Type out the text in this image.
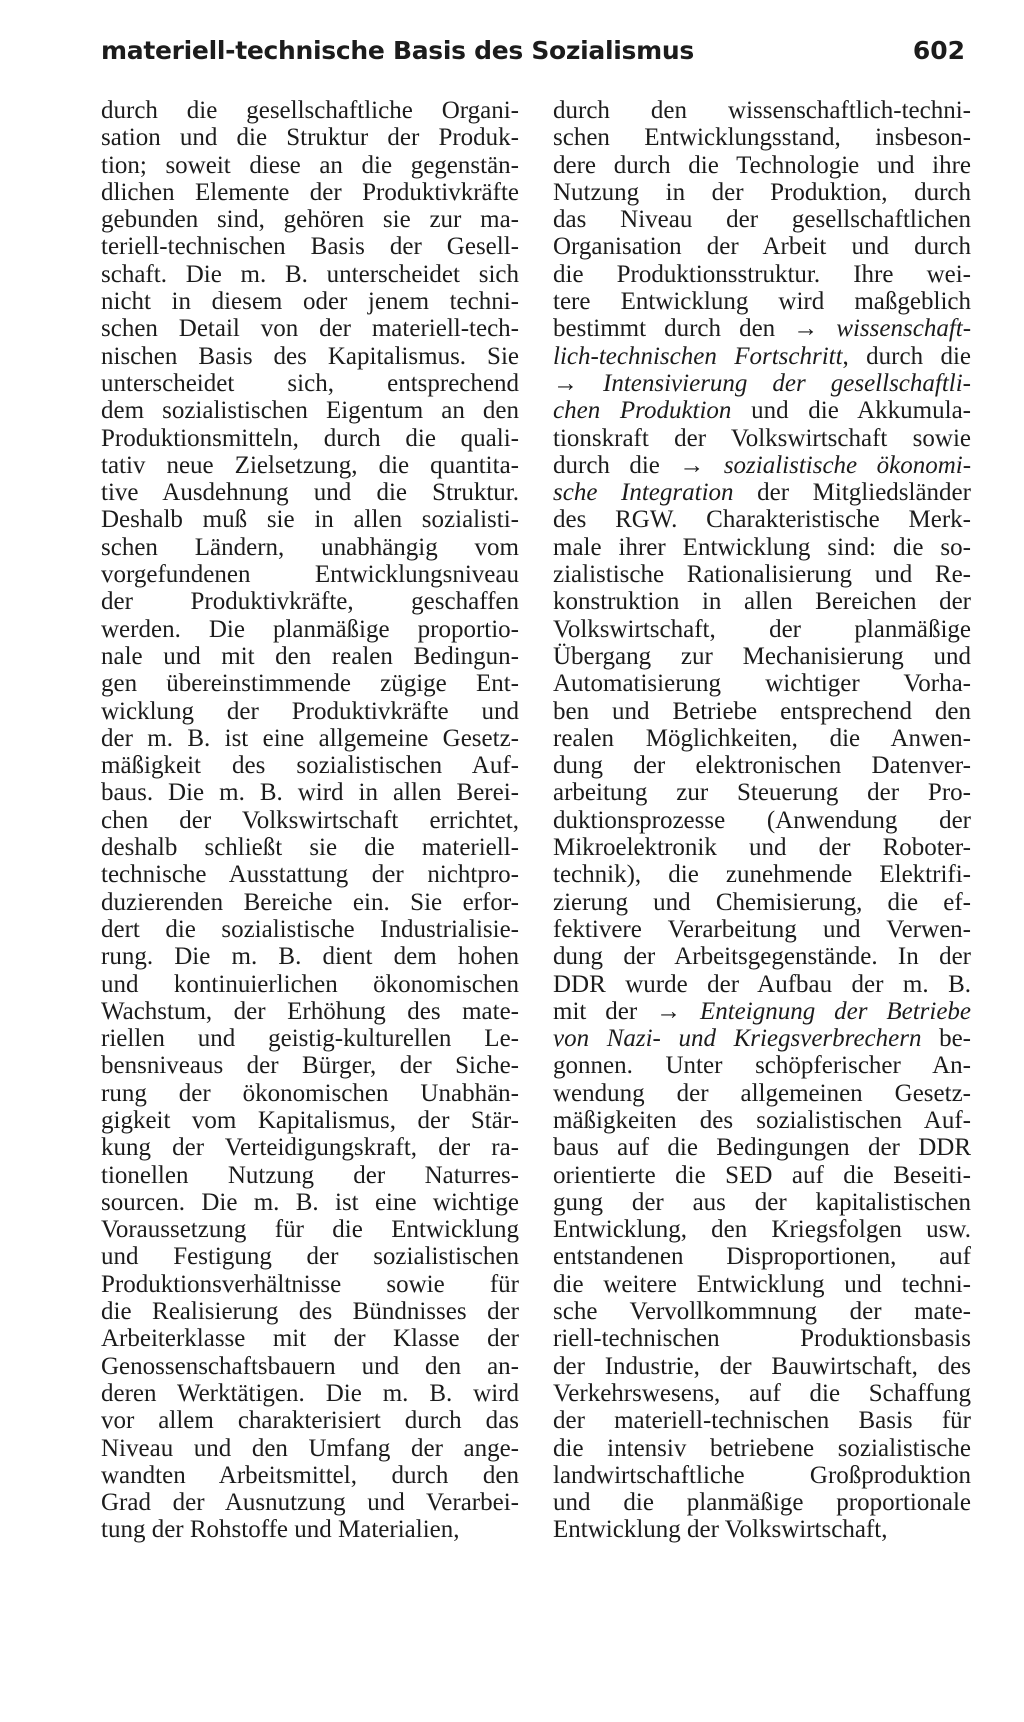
materiell-technische Basis des Sozialismus	602
durch die gesellschaftliche Organi-
sation und die Struktur der Produk-
tion; soweit diese an die gegenstän-
dlichen Elemente der Produktivkräfte
gebunden sind, gehören sie zur ma-
teriell-technischen Basis der Gesell-
schaft. Die m. B. unterscheidet sich
nicht in diesem oder jenem techni-
schen Detail von der materiell-tech-
nischen Basis des Kapitalismus. Sie
unterscheidet sich, entsprechend
dem sozialistischen Eigentum an den
Produktionsmitteln, durch die quali-
tativ neue Zielsetzung, die quantita-
tive Ausdehnung und die Struktur.
Deshalb muß sie in allen sozialisti-
schen Ländern, unabhängig vom
vorgefundenen Entwicklungsniveau
der Produktivkräfte, geschaffen
werden. Die planmäßige proportio-
nale und mit den realen Bedingun-
gen übereinstimmende zügige Ent-
wicklung der Produktivkräfte und
der m. B. ist eine allgemeine Gesetz-
mäßigkeit des sozialistischen Auf-
baus. Die m. B. wird in allen Berei-
chen der Volkswirtschaft errichtet,
deshalb schließt sie die materiell-
technische Ausstattung der nichtpro-
duzierenden Bereiche ein. Sie erfor-
dert die sozialistische Industrialisie-
rung. Die m. B. dient dem hohen
und kontinuierlichen ökonomischen
Wachstum, der Erhöhung des mate-
riellen und geistig-kulturellen Le-
bensniveaus der Bürger, der Siche-
rung der ökonomischen Unabhän-
gigkeit vom Kapitalismus, der Stär-
kung der Verteidigungskraft, der ra-
tionellen Nutzung der Naturres-
sourcen. Die m. B. ist eine wichtige
Voraussetzung für die Entwicklung
und Festigung der sozialistischen
Produktionsverhältnisse sowie für
die Realisierung des Bündnisses der
Arbeiterklasse mit der Klasse der
Genossenschaftsbauern und den an-
deren Werktätigen. Die m. B. wird
vor allem charakterisiert durch das
Niveau und den Umfang der ange-
wandten Arbeitsmittel, durch den
Grad der Ausnutzung und Verarbei-
tung der Rohstoffe und Materialien,
durch den wissenschaftlich-techni-
schen Entwicklungsstand, insbeson-
dere durch die Technologie und ihre
Nutzung in der Produktion, durch
das Niveau der gesellschaftlichen
Organisation der Arbeit und durch
die Produktionsstruktur. Ihre wei-
tere Entwicklung wird maßgeblich
bestimmt durch den → wissenschaft-
lich-technischen Fortschritt, durch die
→ Intensivierung der gesellschaftli-
chen Produktion und die Akkumula-
tionskraft der Volkswirtschaft sowie
durch die → sozialistische ökonomi-
sche Integration der Mitgliedsländer
des RGW. Charakteristische Merk-
male ihrer Entwicklung sind: die so-
zialistische Rationalisierung und Re-
konstruktion in allen Bereichen der
Volkswirtschaft, der planmäßige
Übergang zur Mechanisierung und
Automatisierung wichtiger Vorha-
ben und Betriebe entsprechend den
realen Möglichkeiten, die Anwen-
dung der elektronischen Datenver-
arbeitung zur Steuerung der Pro-
duktionsprozesse (Anwendung der
Mikroelektronik und der Roboter-
technik), die zunehmende Elektrifi-
zierung und Chemisierung, die ef-
fektivere Verarbeitung und Verwen-
dung der Arbeitsgegenstände. In der
DDR wurde der Aufbau der m. B.
mit der → Enteignung der Betriebe
von Nazi- und Kriegsverbrechern be-
gonnen. Unter schöpferischer An-
wendung der allgemeinen Gesetz-
mäßigkeiten des sozialistischen Auf-
baus auf die Bedingungen der DDR
orientierte die SED auf die Beseiti-
gung der aus der kapitalistischen
Entwicklung, den Kriegsfolgen usw.
entstandenen Disproportionen, auf
die weitere Entwicklung und techni-
sche Vervollkommnung der mate-
riell-technischen Produktionsbasis
der Industrie, der Bauwirtschaft, des
Verkehrswesens, auf die Schaffung
der materiell-technischen Basis für
die intensiv betriebene sozialistische
landwirtschaftliche Großproduktion
und die planmäßige proportionale
Entwicklung der Volkswirtschaft,
